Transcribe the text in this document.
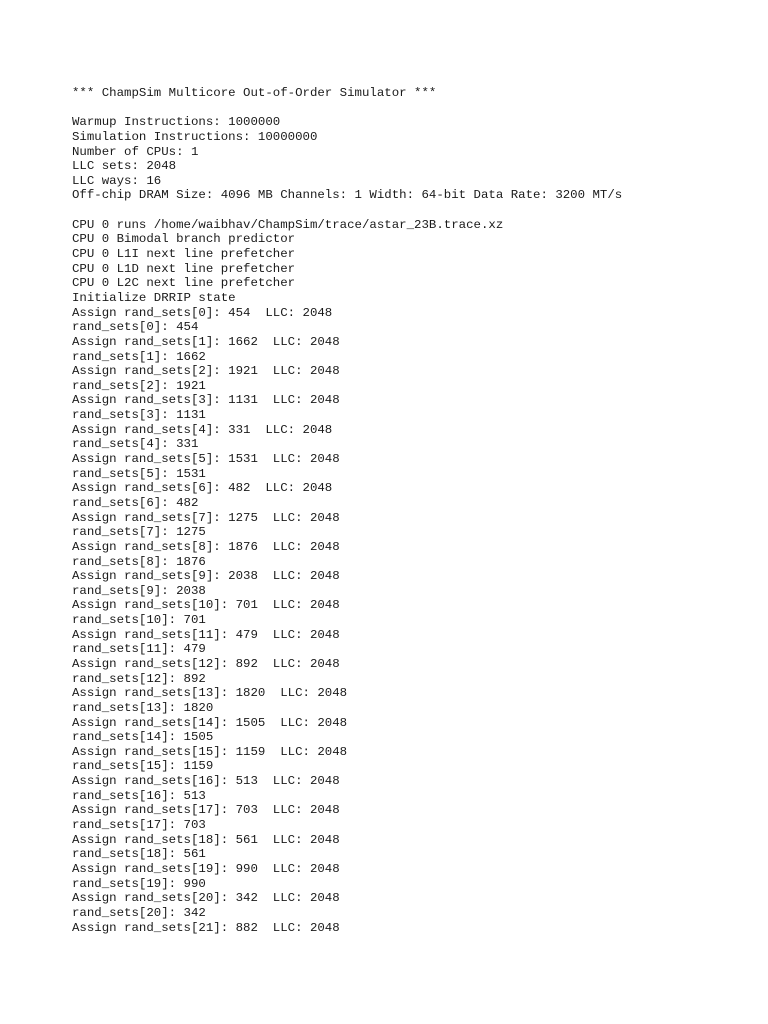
*** ChampSim Multicore Out-of-Order Simulator ***
Warmup Instructions: 1000000
Simulation Instructions: 10000000
Number of CPUs: 1
LLC sets: 2048
LLC ways: 16
Off-chip DRAM Size: 4096 MB Channels: 1 Width: 64-bit Data Rate: 3200 MT/s
CPU 0 runs /home/waibhav/ChampSim/trace/astar_23B.trace.xz
CPU 0 Bimodal branch predictor
CPU 0 L1I next line prefetcher
CPU 0 L1D next line prefetcher
CPU 0 L2C next line prefetcher
Initialize DRRIP state
Assign rand_sets[0]: 454  LLC: 2048
rand_sets[0]: 454
Assign rand_sets[1]: 1662  LLC: 2048
rand_sets[1]: 1662
Assign rand_sets[2]: 1921  LLC: 2048
rand_sets[2]: 1921
Assign rand_sets[3]: 1131  LLC: 2048
rand_sets[3]: 1131
Assign rand_sets[4]: 331  LLC: 2048
rand_sets[4]: 331
Assign rand_sets[5]: 1531  LLC: 2048
rand_sets[5]: 1531
Assign rand_sets[6]: 482  LLC: 2048
rand_sets[6]: 482
Assign rand_sets[7]: 1275  LLC: 2048
rand_sets[7]: 1275
Assign rand_sets[8]: 1876  LLC: 2048
rand_sets[8]: 1876
Assign rand_sets[9]: 2038  LLC: 2048
rand_sets[9]: 2038
Assign rand_sets[10]: 701  LLC: 2048
rand_sets[10]: 701
Assign rand_sets[11]: 479  LLC: 2048
rand_sets[11]: 479
Assign rand_sets[12]: 892  LLC: 2048
rand_sets[12]: 892
Assign rand_sets[13]: 1820  LLC: 2048
rand_sets[13]: 1820
Assign rand_sets[14]: 1505  LLC: 2048
rand_sets[14]: 1505
Assign rand_sets[15]: 1159  LLC: 2048
rand_sets[15]: 1159
Assign rand_sets[16]: 513  LLC: 2048
rand_sets[16]: 513
Assign rand_sets[17]: 703  LLC: 2048
rand_sets[17]: 703
Assign rand_sets[18]: 561  LLC: 2048
rand_sets[18]: 561
Assign rand_sets[19]: 990  LLC: 2048
rand_sets[19]: 990
Assign rand_sets[20]: 342  LLC: 2048
rand_sets[20]: 342
Assign rand_sets[21]: 882  LLC: 2048
